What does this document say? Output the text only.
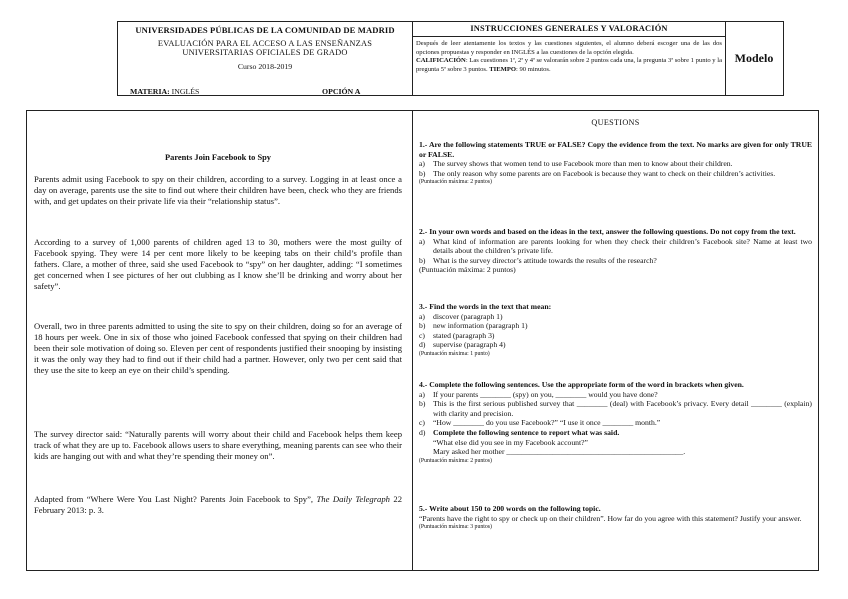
UNIVERSIDADES PÚBLICAS DE LA COMUNIDAD DE MADRID
EVALUACIÓN PARA EL ACCESO A LAS ENSEÑANZAS
UNIVERSITARIAS OFICIALES DE GRADO
Curso 2018-2019
MATERIA: INGLÉS	OPCIÓN A
INSTRUCCIONES GENERALES Y VALORACIÓN
Después de leer atentamente los textos y las cuestiones siguientes, el alumno deberá escoger una de las dos opciones propuestas y responder en INGLÉS a las cuestiones de la opción elegida.
CALIFICACIÓN: Las cuestiones 1ª, 2ª y 4ª se valorarán sobre 2 puntos cada una, la pregunta 3ª sobre 1 punto y la pregunta 5ª sobre 3 puntos. TIEMPO: 90 minutos.
Modelo
Parents Join Facebook to Spy

Parents admit using Facebook to spy on their children, according to a survey. Logging in at least once a day on average, parents use the site to find out where their children have been, check who they are friends with, and get updates on their private life via their “relationship status”.

According to a survey of 1,000 parents of children aged 13 to 30, mothers were the most guilty of Facebook spying. They were 14 per cent more likely to be keeping tabs on their child’s profile than fathers. Clare, a mother of three, said she used Facebook to “spy” on her daughter, adding: “I sometimes get concerned when I see pictures of her out clubbing as I know she’ll be drinking and worry about her safety”.

Overall, two in three parents admitted to using the site to spy on their children, doing so for an average of 18 hours per week. One in six of those who joined Facebook confessed that spying on their children had been their sole motivation of doing so. Eleven per cent of respondents justified their snooping by insisting it was the only way they had to find out if their child had a partner. However, only two per cent said that they use the site to keep an eye on their child’s spending.

The survey director said: “Naturally parents will worry about their child and Facebook helps them keep track of what they are up to. Facebook allows users to share everything, meaning parents can see who their kids are hanging out with and what they’re spending their money on”.

Adapted from “Where Were You Last Night? Parents Join Facebook to Spy”, The Daily Telegraph 22 February 2013: p. 3.

QUESTIONS
1.- Are the following statements TRUE or FALSE? Copy the evidence from the text. No marks are given for only TRUE or FALSE.
a)	The survey shows that women tend to use Facebook more than men to know about their children.
b) The only reason why some parents are on Facebook is because they want to check on their children’s activities.
(Puntuación máxima: 2 puntos)
2.- In your own words and based on the ideas in the text, answer the following questions. Do not copy from the text.
a)	What kind of information are parents looking for when they check their children’s Facebook site? Name at least two details about the children’s private life.
b) What is the survey director’s attitude towards the results of the research?
(Puntuación máxima: 2 puntos)
3.- Find the words in the text that mean:
a)	discover (paragraph 1)
b) new information (paragraph 1)
c)	stated (paragraph 3)
d) supervise (paragraph 4)
(Puntuación máxima: 1 punto)
4.- Complete the following sentences. Use the appropriate form of the word in brackets when given.
a)	If your parents ________ (spy) on you, ________ would you have done?
b) This is the first serious published survey that ________ (deal) with Facebook’s privacy. Every detail ________ (explain) with clarity and precision.
c)	“How ________ do you use Facebook?” “I use it once ________ month.”
d) Complete the following sentence to report what was said.
“What else did you see in my Facebook account?”
Mary asked her mother ______________________________________________.
(Puntuación máxima: 2 puntos)
5.- Write about 150 to 200 words on the following topic.
“Parents have the right to spy or check up on their children”. How far do you agree with this statement? Justify your answer.
(Puntuación máxima: 3 puntos)
